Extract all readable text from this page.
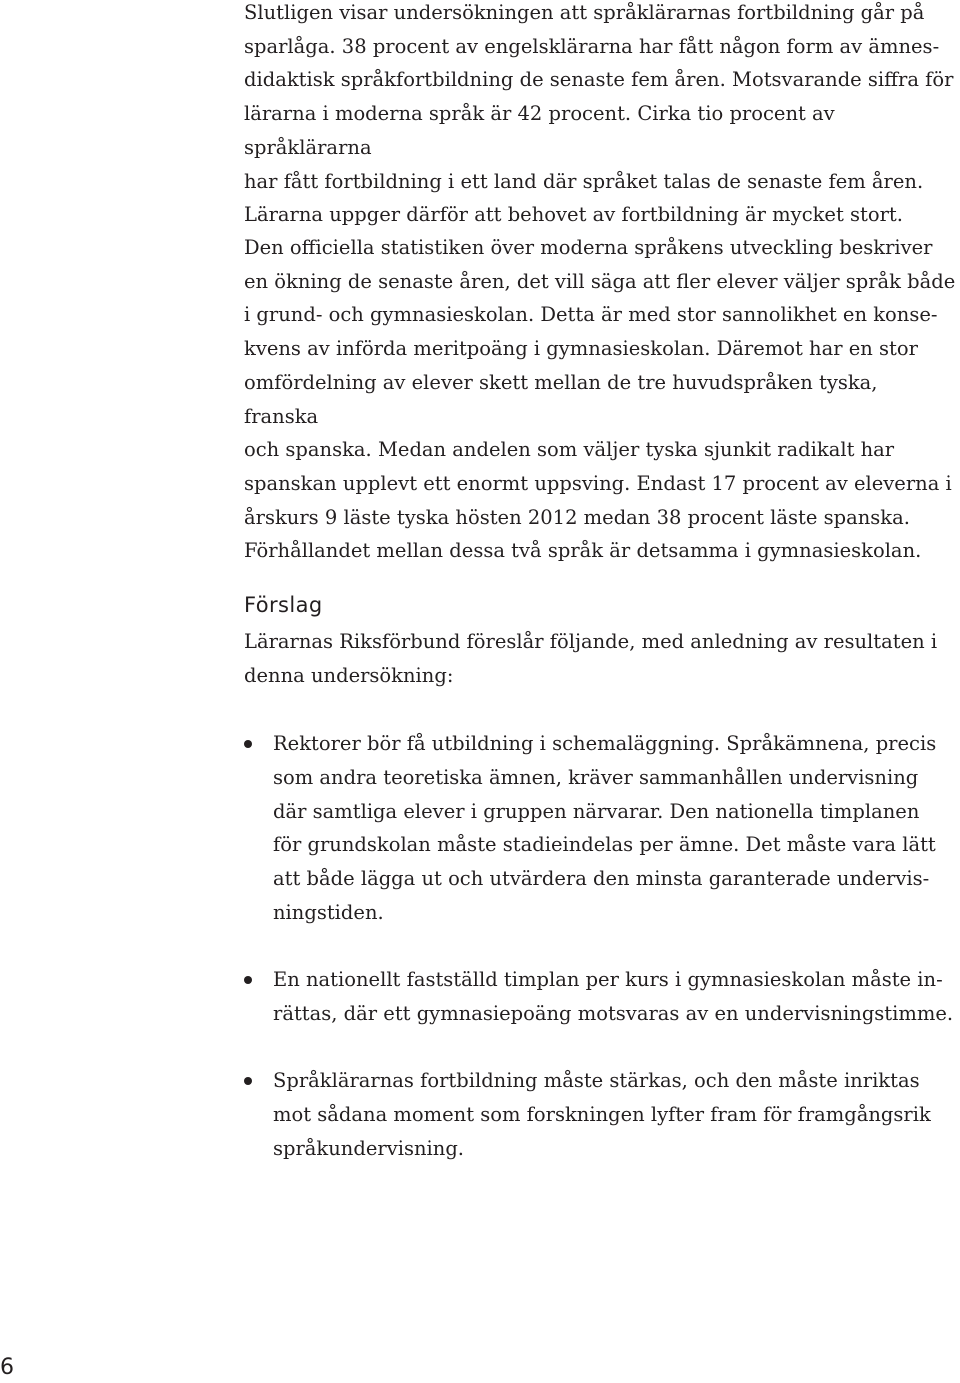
Slutligen visar undersökningen att språklärarnas fortbildning går på
sparlåga. 38 procent av engelsklärarna har fått någon form av ämnes-
didaktisk språkfortbildning de senaste fem åren. Motsvarande siffra för
lärarna i moderna språk är 42 procent. Cirka tio procent av språklärarna
har fått fortbildning i ett land där språket talas de senaste fem åren.
Lärarna uppger därför att behovet av fortbildning är mycket stort.

Den officiella statistiken över moderna språkens utveckling beskriver
en ökning de senaste åren, det vill säga att fler elever väljer språk både
i grund- och gymnasieskolan. Detta är med stor sannolikhet en konse-
kvens av införda meritpoäng i gymnasieskolan. Däremot har en stor
omfördelning av elever skett mellan de tre huvudspråken tyska, franska
och spanska. Medan andelen som väljer tyska sjunkit radikalt har
spanskan upplevt ett enormt uppsving. Endast 17 procent av eleverna i
årskurs 9 läste tyska hösten 2012 medan 38 procent läste spanska.
Förhållandet mellan dessa två språk är detsamma i gymnasieskolan.

Förslag

Lärarnas Riksförbund föreslår följande, med anledning av resultaten i
denna undersökning:

Rektorer bör få utbildning i schemaläggning. Språkämnena, precis
som andra teoretiska ämnen, kräver sammanhållen undervisning
där samtliga elever i gruppen närvarar. Den nationella timplanen
för grundskolan måste stadieindelas per ämne. Det måste vara lätt
att både lägga ut och utvärdera den minsta garanterade undervis-
ningstiden.

En nationellt fastställd timplan per kurs i gymnasieskolan måste in-
rättas, där ett gymnasiepoäng motsvaras av en undervisningstimme.

Språklärarnas fortbildning måste stärkas, och den måste inriktas
mot sådana moment som forskningen lyfter fram för framgångsrik
språkundervisning.

6
